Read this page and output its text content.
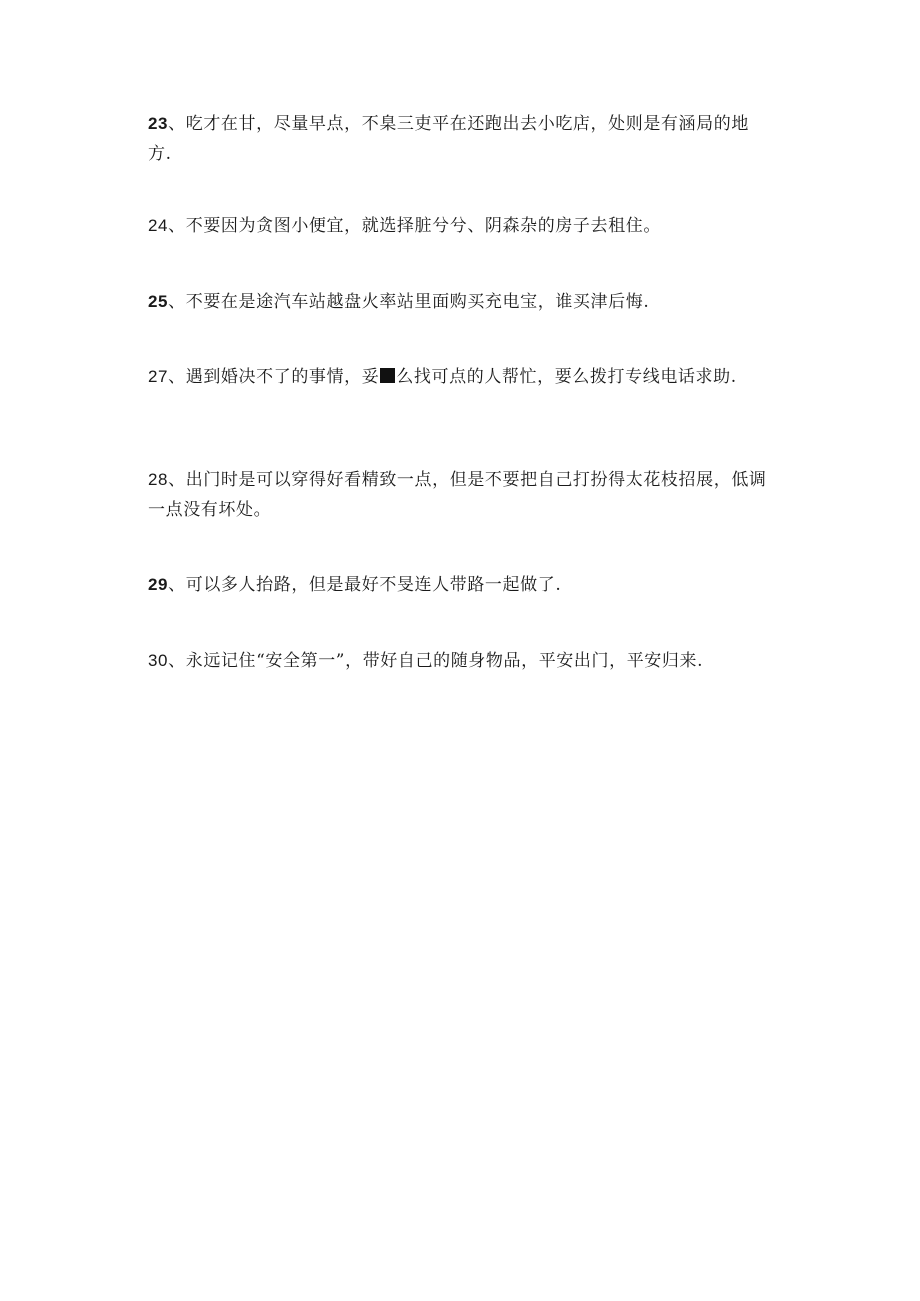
23、吃才在甘，尽量早点，不臬三吏平在还跑出去小吃店，处则是有涵局的地方.

24、不要因为贪图小便宜，就选择脏兮兮、阴森杂的房子去租住。

25、不要在是途汽车站越盘火率站里面购买充电宝，谁买津后悔.

27、遇到婚决不了的事情，妥 么找可点的人帮忙，要么拨打专线电话求助.

28、出门时是可以穿得好看精致一点，但是不要把自己打扮得太花枝招展，低调一点没有坏处。

29、可以多人抬路，但是最好不旻连人带路一起做了.

30、永远记住“安全第一”，带好自己的随身物品，平安出门，平安归来.
